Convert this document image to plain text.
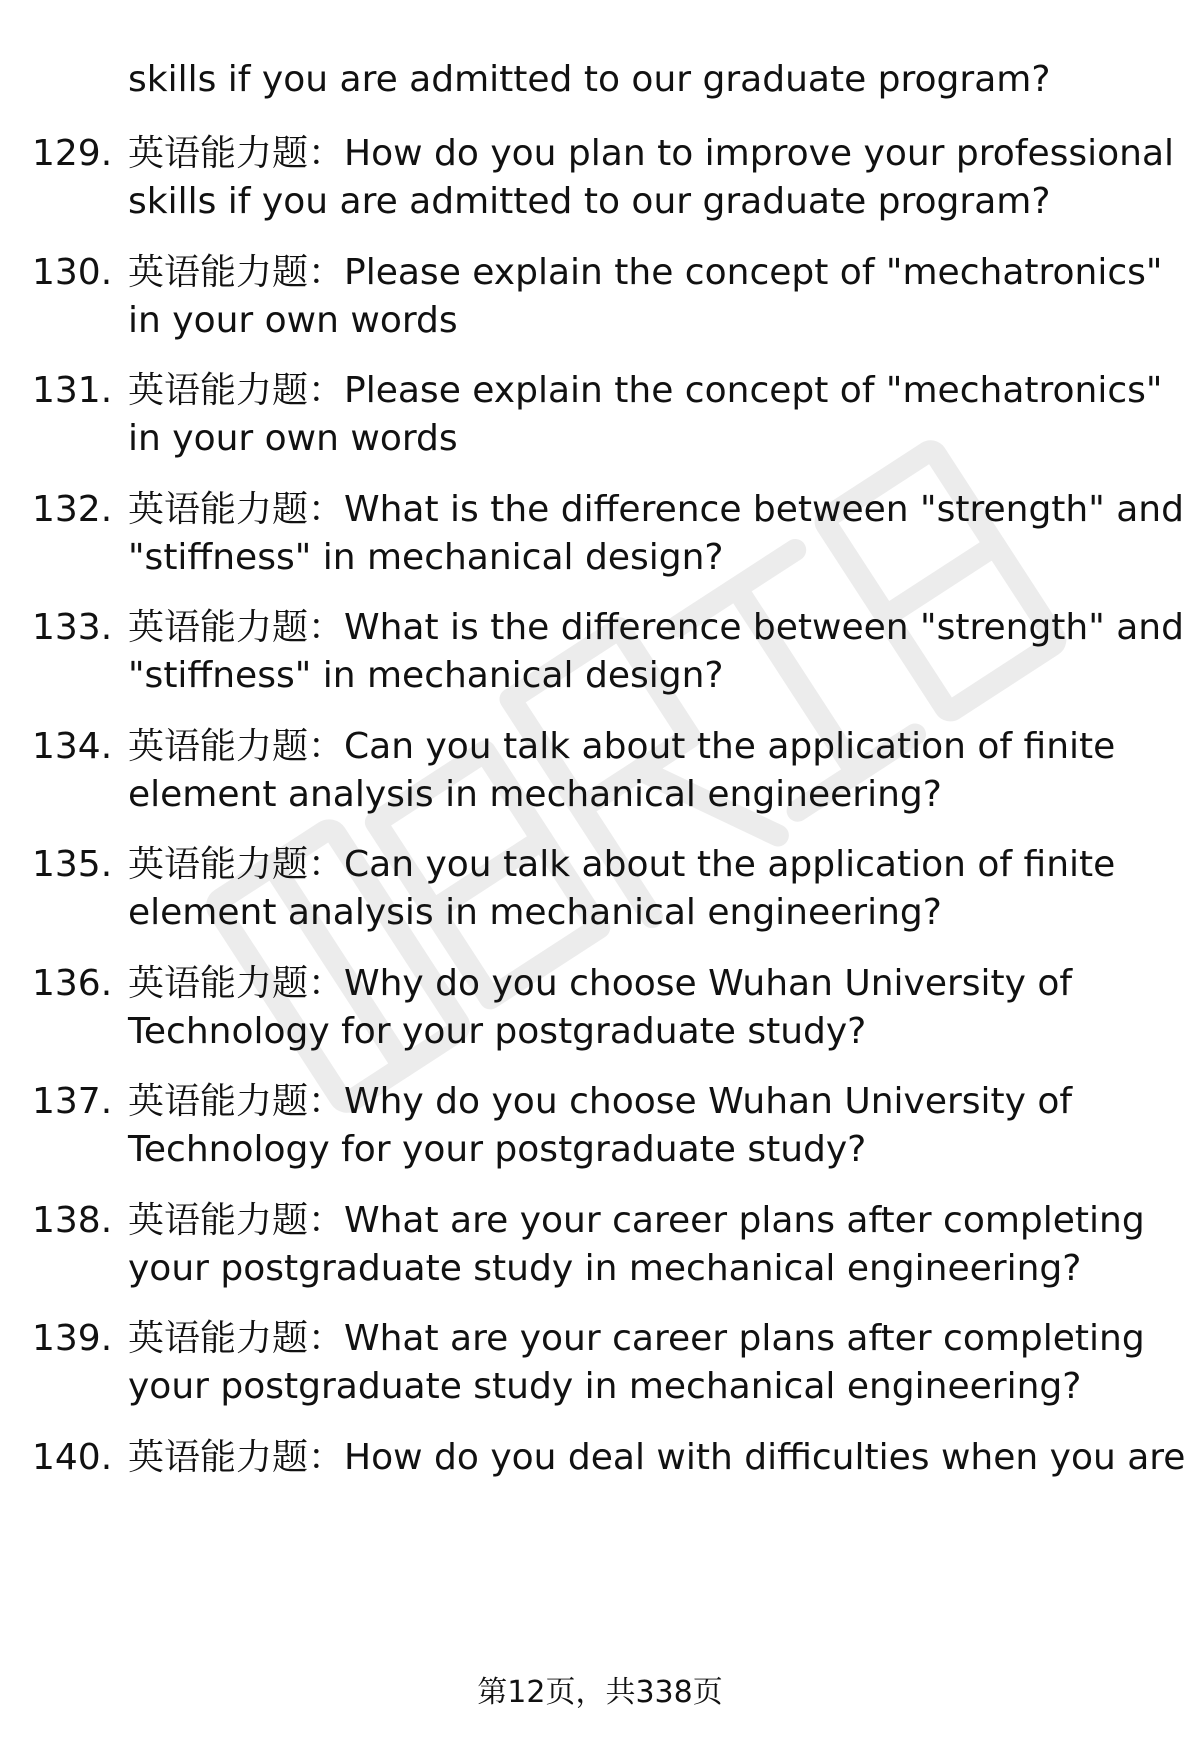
skills if you are admitted to our graduate program?
129. 英语能力题：How do you plan to improve your professional
skills if you are admitted to our graduate program?
130. 英语能力题：Please explain the concept of "mechatronics"
in your own words
131. 英语能力题：Please explain the concept of "mechatronics"
in your own words
132. 英语能力题：What is the difference between "strength" and
"stiffness" in mechanical design?
133. 英语能力题：What is the difference between "strength" and
"stiffness" in mechanical design?
134. 英语能力题：Can you talk about the application of finite
element analysis in mechanical engineering?
135. 英语能力题：Can you talk about the application of finite
element analysis in mechanical engineering?
136. 英语能力题：Why do you choose Wuhan University of
Technology for your postgraduate study?
137. 英语能力题：Why do you choose Wuhan University of
Technology for your postgraduate study?
138. 英语能力题：What are your career plans after completing
your postgraduate study in mechanical engineering?
139. 英语能力题：What are your career plans after completing
your postgraduate study in mechanical engineering?
140. 英语能力题：How do you deal with difficulties when you are
第12页，共338页
